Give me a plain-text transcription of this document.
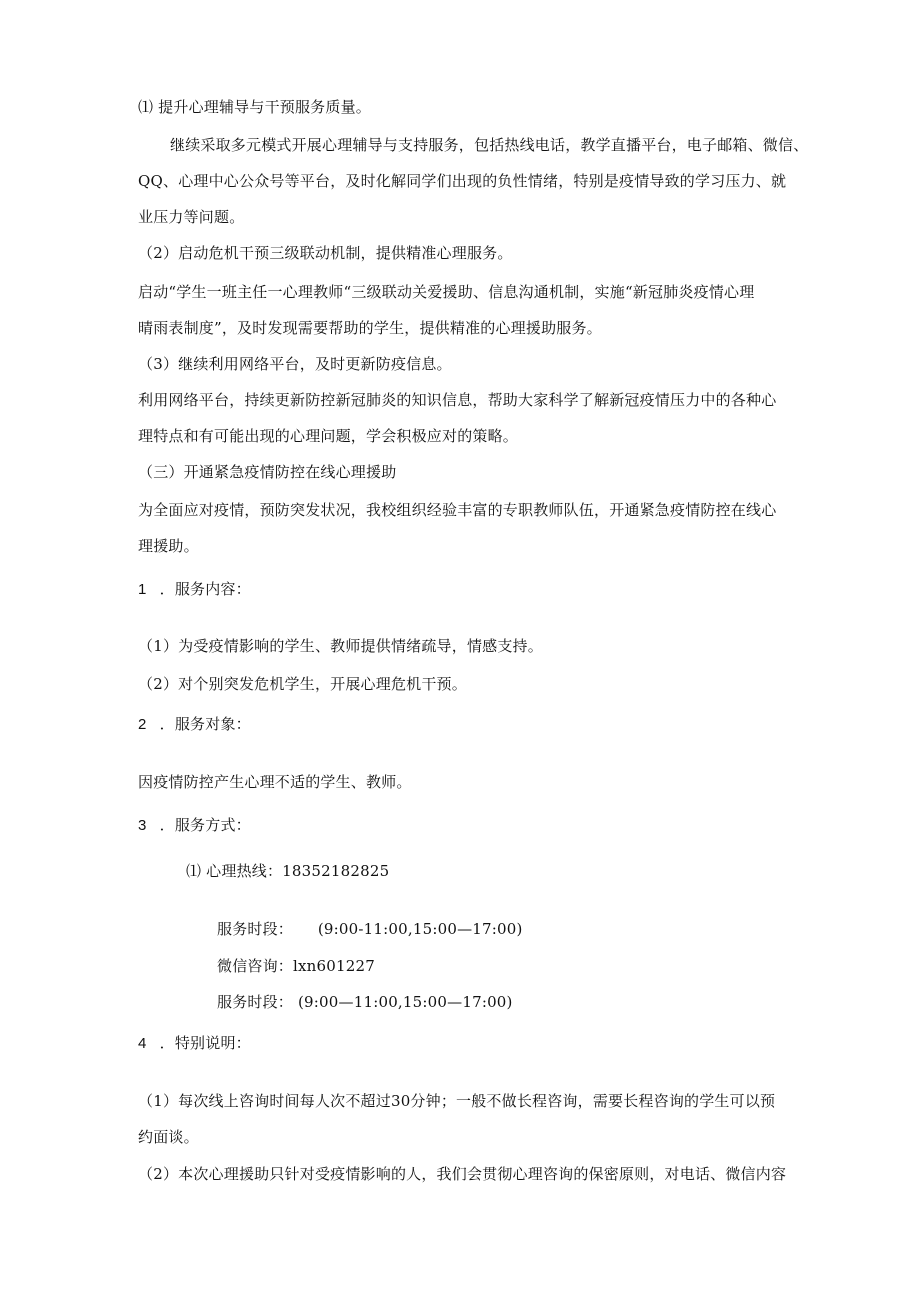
⑴ 提升心理辅导与干预服务质量。
继续采取多元模式开展心理辅导与支持服务，包括热线电话，教学直播平台，电子邮箱、微信、
QQ、心理中心公众号等平台，及时化解同学们出现的负性情绪，特别是疫情导致的学习压力、就
业压力等问题。
（2）启动危机干预三级联动机制，提供精准心理服务。
启动“学生一班主任一心理教师“三级联动关爱援助、信息沟通机制，实施“新冠肺炎疫情心理
晴雨表制度”，及时发现需要帮助的学生，提供精准的心理援助服务。
（3）继续利用网络平台，及时更新防疫信息。
利用网络平台，持续更新防控新冠肺炎的知识信息，帮助大家科学了解新冠疫情压力中的各种心
理特点和有可能出现的心理问题，学会积极应对的策略。
（三）开通紧急疫情防控在线心理援助
为全面应对疫情，预防突发状况，我校组织经验丰富的专职教师队伍，开通紧急疫情防控在线心
理援助。
1   ．服务内容：
（1）为受疫情影响的学生、教师提供情绪疏导，情感支持。
（2）对个别突发危机学生，开展心理危机干预。
2   ．服务对象：
因疫情防控产生心理不适的学生、教师。
3   ．服务方式：
⑴ 心理热线：18352182825
服务时段：     (9:00-11:00,15:00—17:00)
微信咨询：lxn601227
服务时段： (9:00—11:00,15:00—17:00)
4   ．特别说明：
（1）每次线上咨询时间每人次不超过30分钟；一般不做长程咨询，需要长程咨询的学生可以预
约面谈。
（2）本次心理援助只针对受疫情影响的人，我们会贯彻心理咨询的保密原则，对电话、微信内容
